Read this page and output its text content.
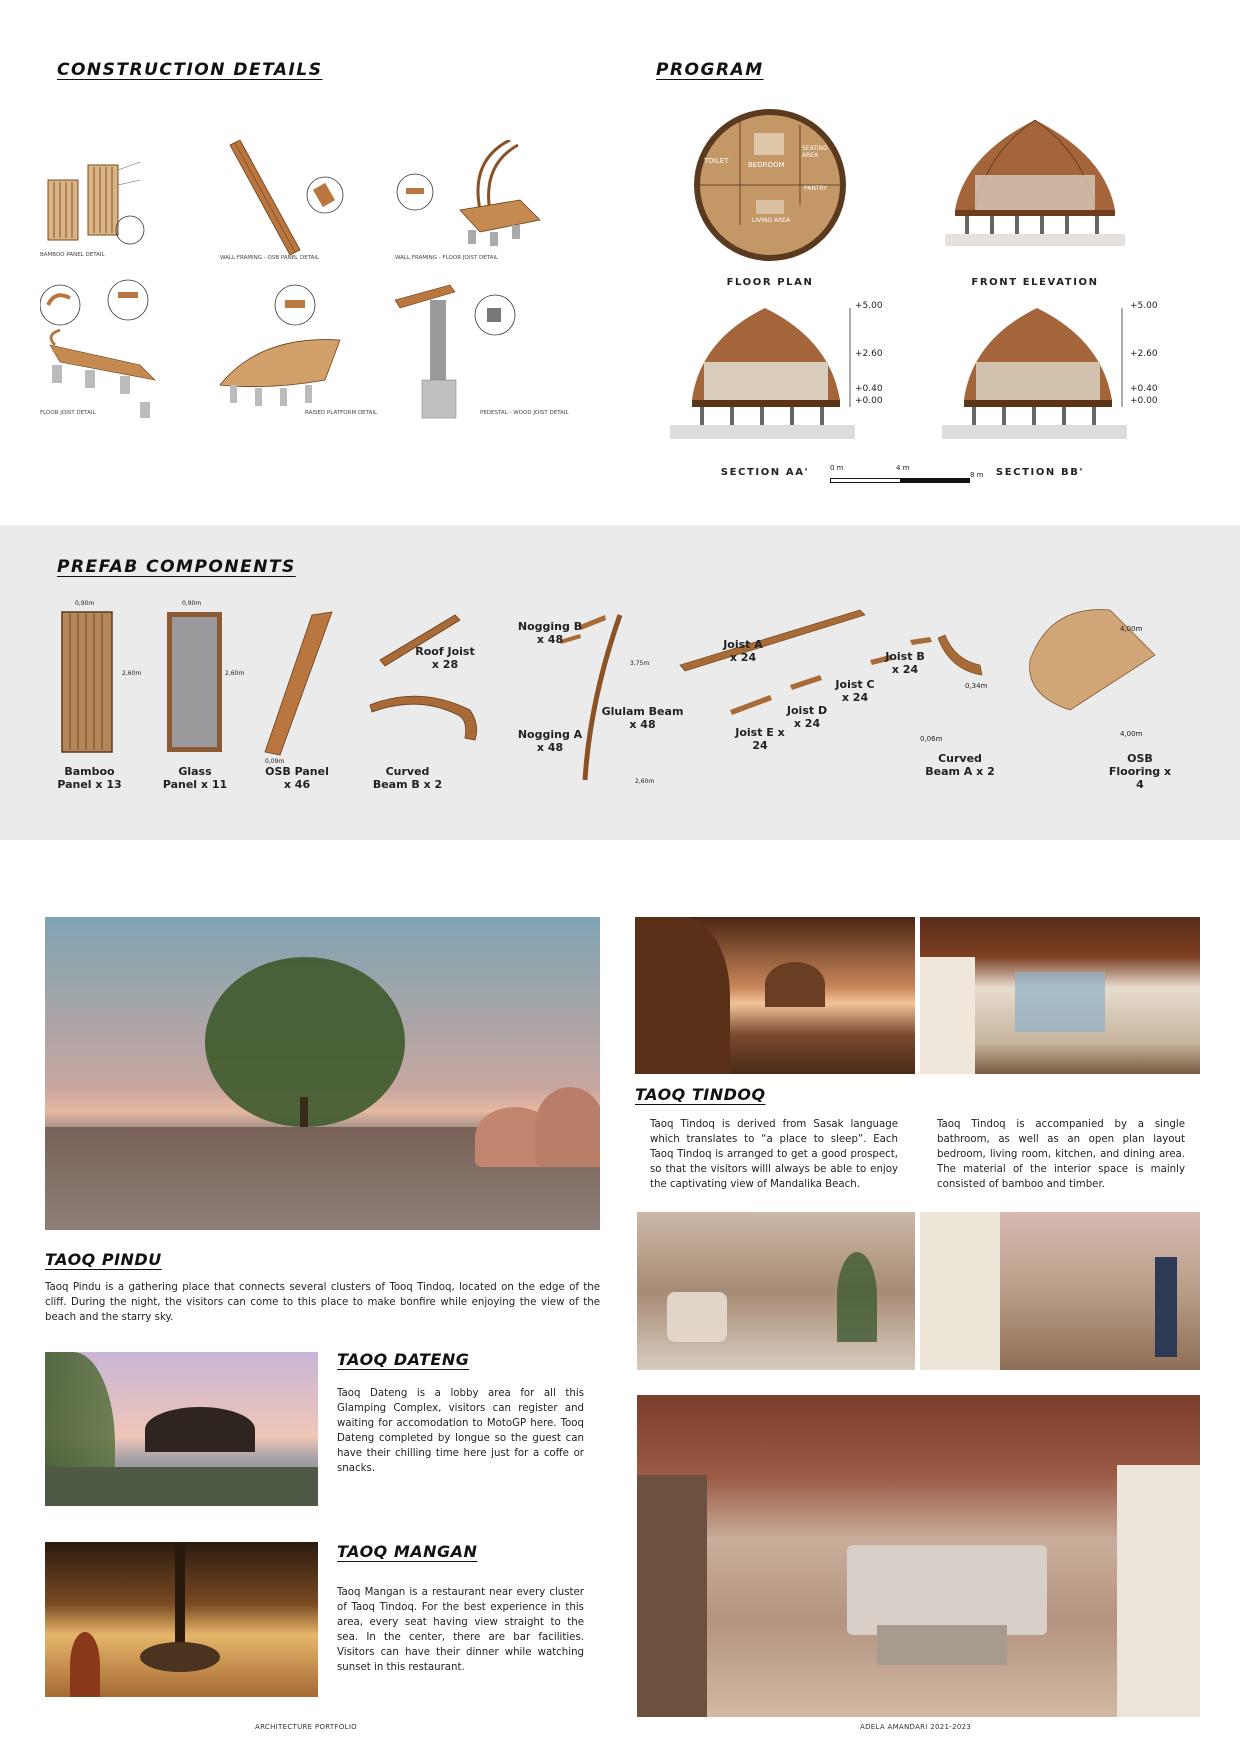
CONSTRUCTION DETAILS
BAMBOO PANEL DETAIL	WALL FRAMING - OSB PANEL DETAIL	WALL FRAMING - FLOOR JOIST DETAIL
FLOOR JOIST DETAIL	RAISED PLATFORM DETAIL	PEDESTAL - WOOD JOIST DETAIL
PROGRAM
TOILET	BEDROOM
SEATING AREA
PANTRY
LIVING AREA
FLOOR PLAN	FRONT ELEVATION
+5.00
+2.60
+0.40
+0.00
SECTION AA'	0 m	4 m
8 m
+5.00
+2.60
+0.40
+0.00
SECTION BB'
PREFAB COMPONENTS
2,60m
0,90m
2,60m
0,90m
0,09m
3,75m
2,60m
4,00m
4,00m
0,34m
0,06m
Bamboo Panel x 13
Glass Panel x 11
OSB Panel x 46
Roof Joist x 28
Curved Beam B x 2
Nogging B x 48
Nogging A x 48
Glulam Beam x 48
Joist A x 24	Joist B x 24
Joist C x 24
Joist D x 24
Joist E x 24
Curved Beam A x 2
OSB Flooring x 4
TAOQ PINDU

Taoq Pindu is a gathering place that connects several clusters of Tooq Tindoq, located on the edge of the cliff. During the night, the visitors can come to this place to make bonfire while enjoying the view of the beach and the starry sky.

TAOQ DATENG

Taoq Dateng is a lobby area for all this Glamping Complex, visitors can register and waiting for accomodation to MotoGP here. Tooq Dateng completed by longue so the guest can have their chilling time here just for a coffe or snacks.

TAOQ MANGAN

Taoq Mangan is a restaurant near every cluster of Taoq Tindoq. For the best experience in this area, every seat having view straight to the sea. In the center, there are bar facilities. Visitors can have their dinner while watching sunset in this restaurant.

TAOQ TINDOQ

Taoq Tindoq is derived from Sasak language which translates to “a place to sleep”. Each Taoq Tindoq is arranged to get a good prospect, so that the visitors willl always be able to enjoy the captivating view of Mandalika Beach.

Taoq Tindoq is accompanied by a single bathroom, as well as an open plan layout bedroom, living room, kitchen, and dining area. The material of the interior space is mainly consisted of bamboo and timber.

ARCHITECTURE PORTFOLIO	ADELA AMANDARI 2021-2023
